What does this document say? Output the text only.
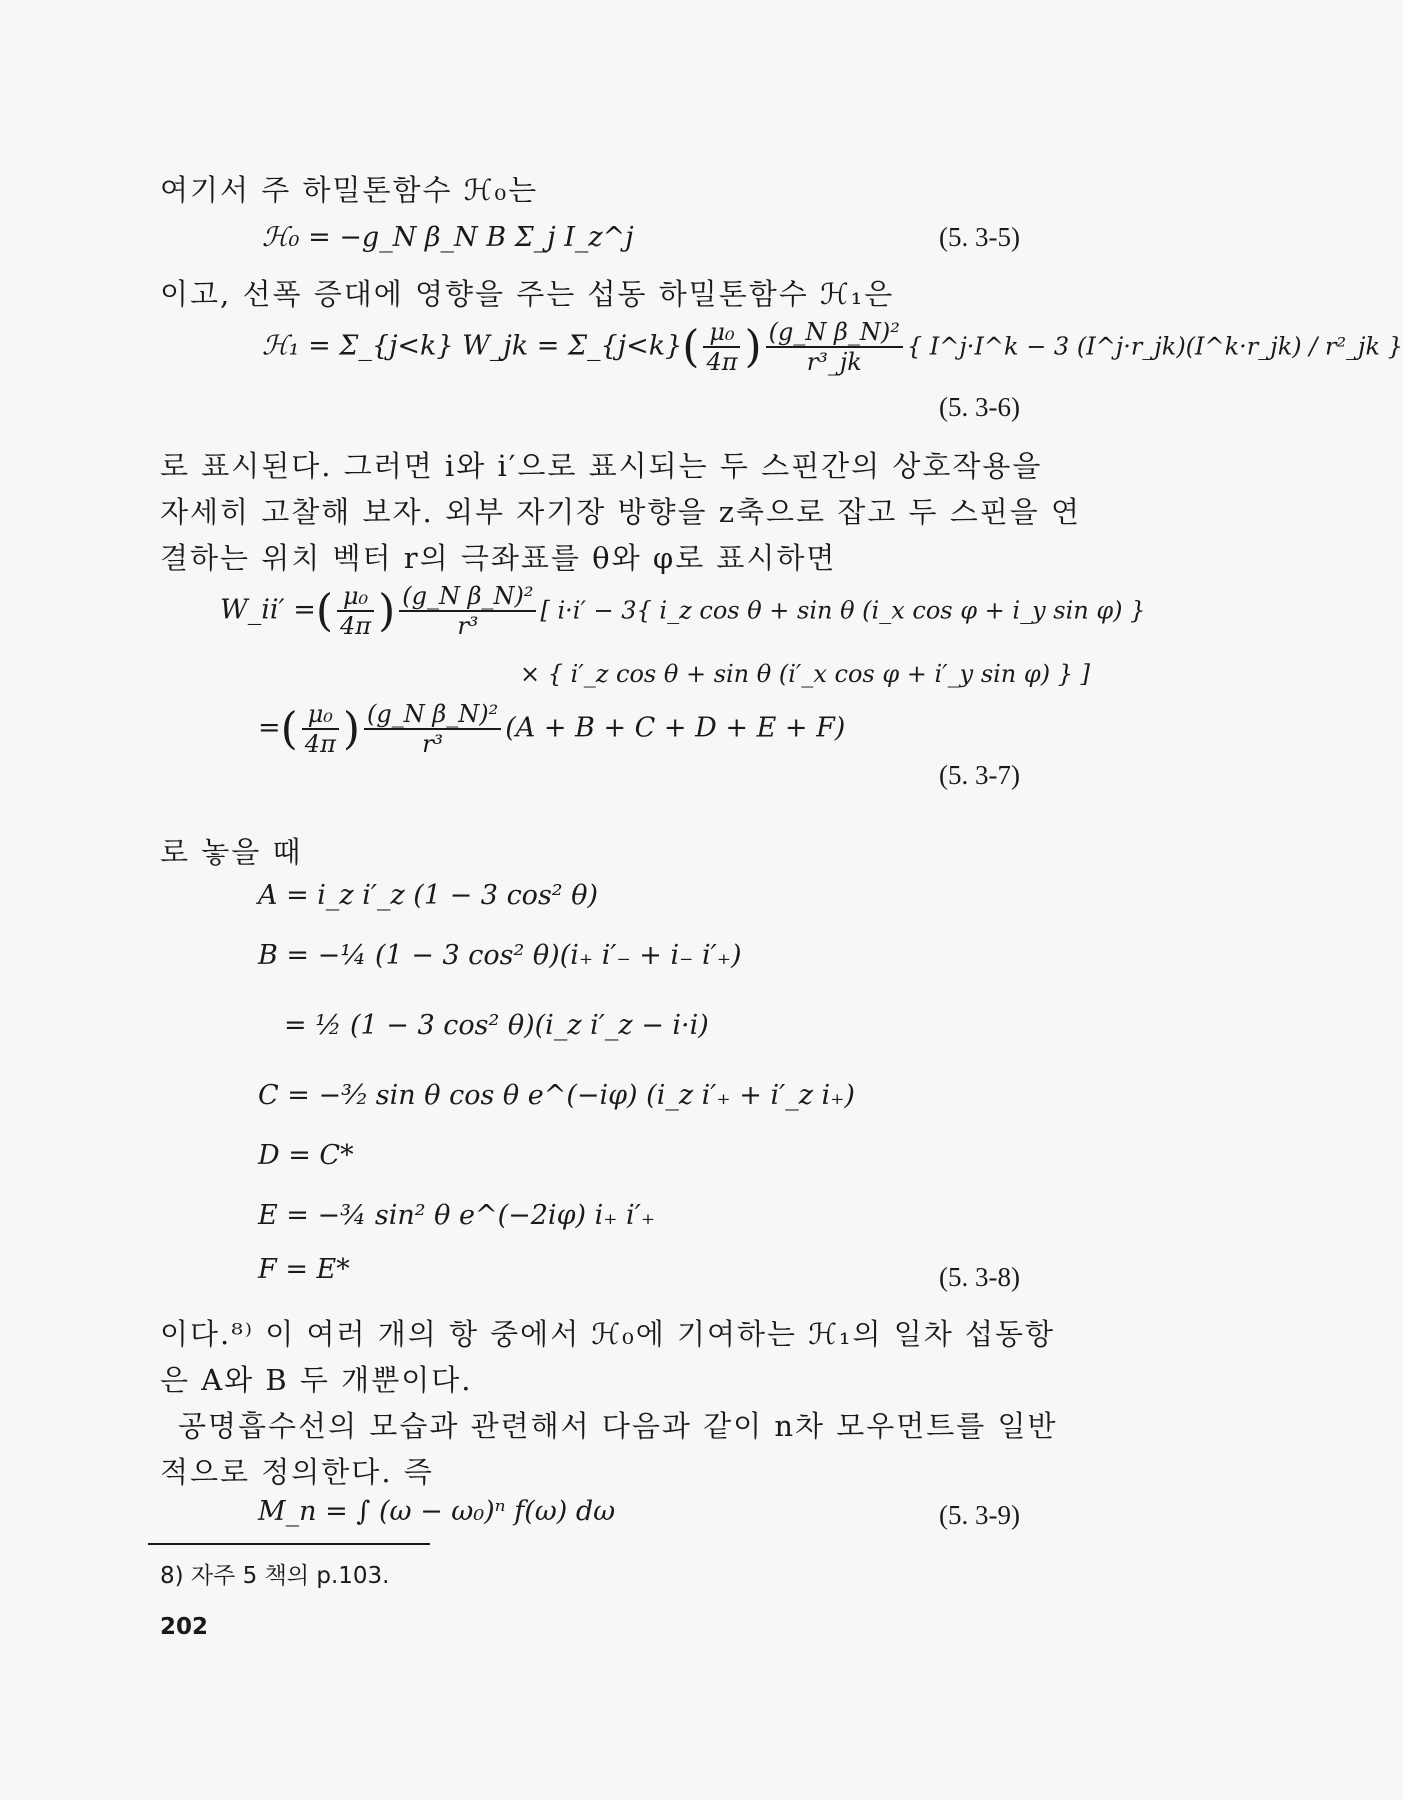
여기서 주 하밀톤함수 ℋ₀는
ℋ₀ = −g_N β_N B Σ_j I_z^j	(5. 3-5)
이고, 선폭 증대에 영향을 주는 섭동 하밀톤함수 ℋ₁은
ℋ₁ = Σ_{j<k} W_jk = Σ_{j<k}( $\frac{\text{μ₀}}{4\pi}$ ) $\frac{\text{(g\_N β\_N)²}}{\text{r³\_jk}}$ { I^j·I^k − 3 (I^j·r_jk)(I^k·r_jk) / r²_jk }
(5. 3-6)
로 표시된다. 그러면 i와 i′으로 표시되는 두 스핀간의 상호작용을
자세히 고찰해 보자. 외부 자기장 방향을 z축으로 잡고 두 스핀을 연
결하는 위치 벡터 r의 극좌표를 θ와 φ로 표시하면
W_ii′ =( $\frac{\text{μ₀}}{4\pi}$ ) $\frac{\text{(g\_N β\_N)²}}{\text{r³}}$ [ i·i′ − 3{ i_z cos θ + sin θ (i_x cos φ + i_y sin φ) }
× { i′_z cos θ + sin θ (i′_x cos φ + i′_y sin φ) } ]
=( $\frac{\text{μ₀}}{4\pi}$ ) $\frac{\text{(g\_N β\_N)²}}{\text{r³}} (A + B + C + D + E + F)$
(5. 3-7)
로 놓을 때
A = i_z i′_z (1 − 3 cos² θ)
B = −¼ (1 − 3 cos² θ)(i₊ i′₋ + i₋ i′₊)
= ½ (1 − 3 cos² θ)(i_z i′_z − i·i)
C = −³⁄₂ sin θ cos θ e^(−iφ) (i_z i′₊ + i′_z i₊)
D = C*
E = −¾ sin² θ e^(−2iφ) i₊ i′₊
F = E*	(5. 3-8)
이다.⁸⁾ 이 여러 개의 항 중에서 ℋ₀에 기여하는 ℋ₁의 일차 섭동항
은 A와 B 두 개뿐이다.
공명흡수선의 모습과 관련해서 다음과 같이 n차 모우먼트를 일반
적으로 정의한다. 즉
M_n = ∫ (ω − ω₀)ⁿ f(ω) dω	(5. 3-9)
8) 자주 5 책의 p.103.
202
